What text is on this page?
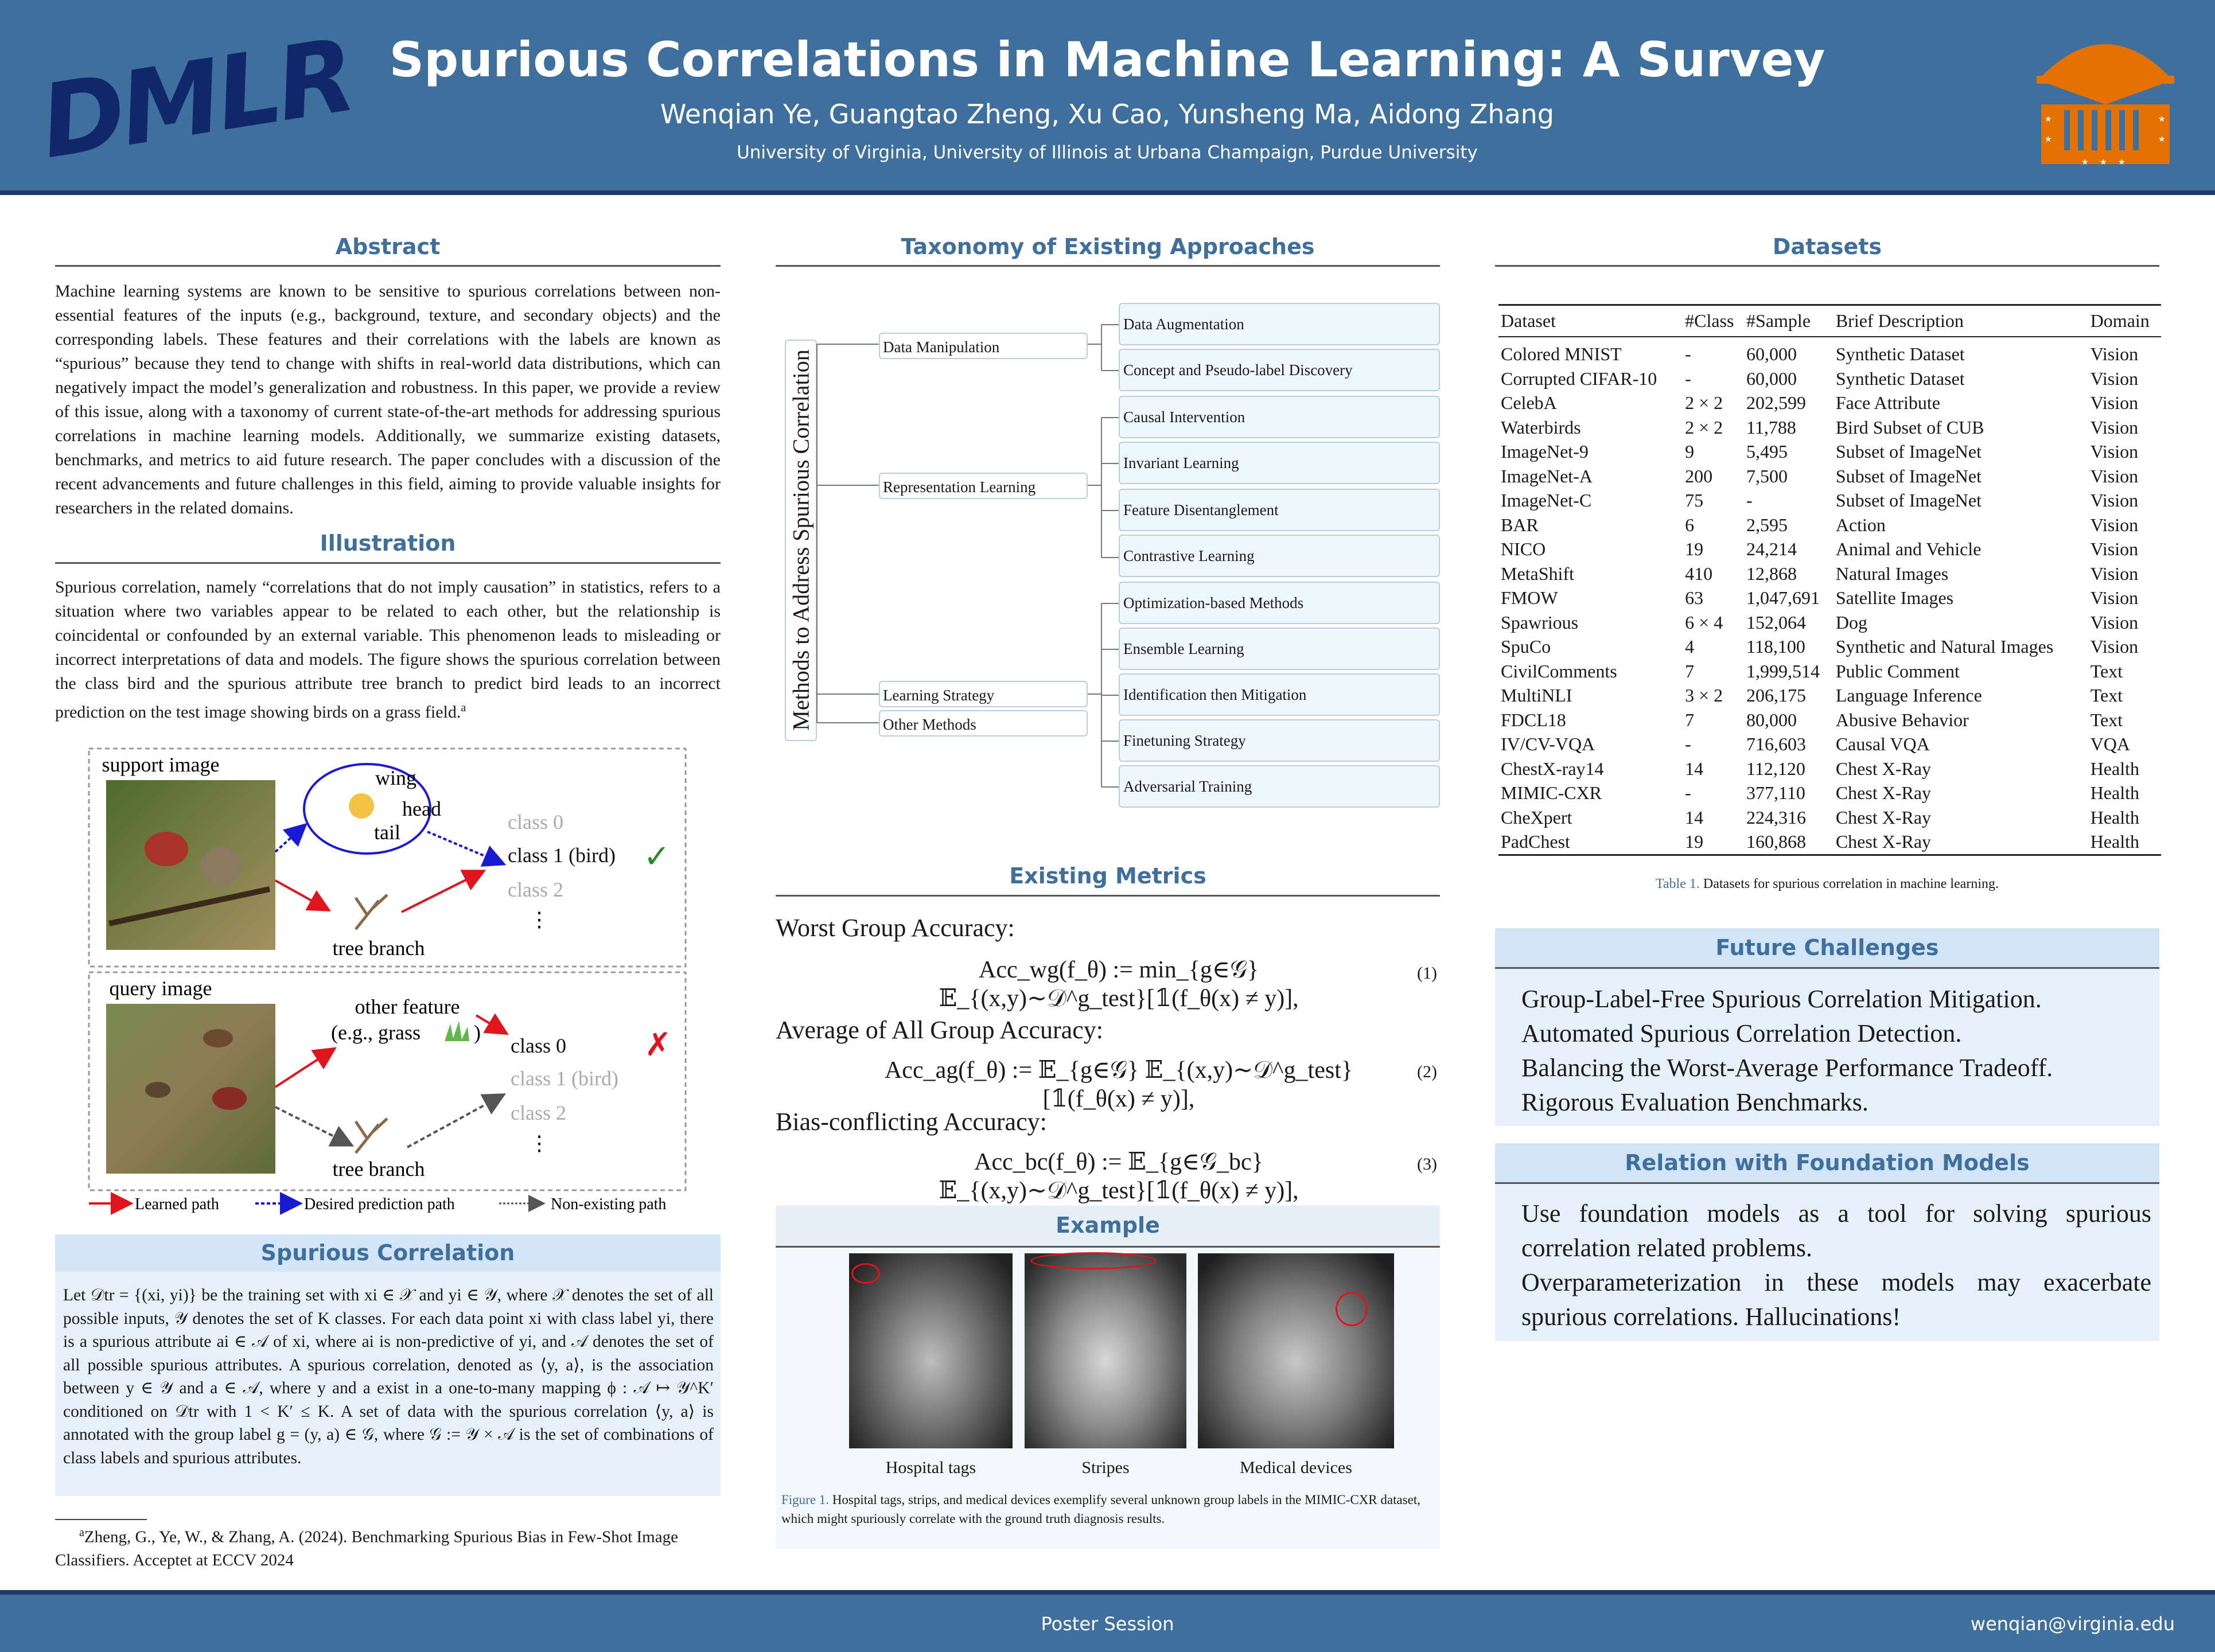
DMLR Spurious Correlations in Machine Learning: A Survey
Wenqian Ye, Guangtao Zheng, Xu Cao, Yunsheng Ma, Aidong Zhang
University of Virginia, University of Illinois at Urbana Champaign, Purdue University
★
★
★
★
★ ★ ★
Abstract
Machine learning systems are known to be sensitive to spurious correlations between non-essential features of the inputs (e.g., background, texture, and secondary objects) and the corresponding labels. These features and their correlations with the labels are known as “spurious” because they tend to change with shifts in real-world data distributions, which can negatively impact the model’s generalization and robustness. In this paper, we provide a review of this issue, along with a taxonomy of current state-of-the-art methods for addressing spurious correlations in machine learning models. Additionally, we summarize existing datasets, benchmarks, and metrics to aid future research. The paper concludes with a discussion of the recent advancements and future challenges in this field, aiming to provide valuable insights for researchers in the related domains.
Illustration
Spurious correlation, namely “correlations that do not imply causation” in statistics, refers to a situation where two variables appear to be related to each other, but the relationship is coincidental or confounded by an external variable. This phenomenon leads to misleading or incorrect interpretations of data and models. The figure shows the spurious correlation between the class bird and the spurious attribute tree branch to predict bird leads to an incorrect prediction on the test image showing birds on a grass field.$^a$
support image
query image
wing
head
tail
tree branch
class 0
class 1 (bird)
class 2
⋮
✓
other feature
(e.g., grass	)
tree branch
class 0
class 1 (bird)
class 2
⋮
✗
Learned path	Desired prediction path	Non-existing path
Spurious Correlation
Let 𝒟tr = {(xi, yi)} be the training set with xi ∈ 𝒳 and yi ∈ 𝒴, where 𝒳 denotes the set of all possible inputs, 𝒴 denotes the set of K classes. For each data point xi with class label yi, there is a spurious attribute ai ∈ 𝒜 of xi, where ai is non-predictive of yi, and 𝒜 denotes the set of all possible spurious attributes. A spurious correlation, denoted as ⟨y, a⟩, is the association between y ∈ 𝒴 and a ∈ 𝒜, where y and a exist in a one-to-many mapping ϕ : 𝒜 ↦ 𝒴^K′ conditioned on 𝒟tr with 1 < K′ ≤ K. A set of data with the spurious correlation ⟨y, a⟩ is annotated with the group label g = (y, a) ∈ 𝒢, where 𝒢 := 𝒴 × 𝒜 is the set of combinations of class labels and spurious attributes.
$^a$Zheng, G., Ye, W., & Zhang, A. (2024). Benchmarking Spurious Bias in Few-Shot Image Classifiers. Acceptet at ECCV 2024
Taxonomy of Existing Approaches
Methods to Address Spurious Correlation
Data Manipulation
Representation Learning
Learning Strategy
Other Methods
Data Augmentation
Concept and Pseudo-label Discovery
Causal Intervention
Invariant Learning
Feature Disentanglement
Contrastive Learning
Optimization-based Methods
Ensemble Learning
Identification then Mitigation
Finetuning Strategy
Adversarial Training
Existing Metrics
Worst Group Accuracy:
Acc_wg(f_θ) := min_{g∈𝒢} 𝔼_{(x,y)∼𝒟^g_test}[𝟙(f_θ(x) ≠ y)],
(1)
Average of All Group Accuracy:
Acc_ag(f_θ) := 𝔼_{g∈𝒢} 𝔼_{(x,y)∼𝒟^g_test}[𝟙(f_θ(x) ≠ y)],
(2)
Bias-conflicting Accuracy:
Acc_bc(f_θ) := 𝔼_{g∈𝒢_bc} 𝔼_{(x,y)∼𝒟^g_test}[𝟙(f_θ(x) ≠ y)],
(3)
Example
Hospital tags	Stripes	Medical devices
Figure 1. Hospital tags, strips, and medical devices exemplify several unknown group labels in the MIMIC-CXR dataset, which might spuriously correlate with the ground truth diagnosis results.
Datasets
Dataset	#Class	#Sample	Brief Description	Domain
Colored MNIST	-	60,000	Synthetic Dataset	Vision
Corrupted CIFAR-10	-	60,000	Synthetic Dataset	Vision
CelebA	2 × 2	202,599	Face Attribute	Vision
Waterbirds	2 × 2	11,788	Bird Subset of CUB	Vision
ImageNet-9	9	5,495	Subset of ImageNet	Vision
ImageNet-A	200	7,500	Subset of ImageNet	Vision
ImageNet-C	75	-	Subset of ImageNet	Vision
BAR	6	2,595	Action	Vision
NICO	19	24,214	Animal and Vehicle	Vision
MetaShift	410	12,868	Natural Images	Vision
FMOW	63	1,047,691	Satellite Images	Vision
Spawrious	6 × 4	152,064	Dog	Vision
SpuCo	4	118,100	Synthetic and Natural Images	Vision
CivilComments	7	1,999,514	Public Comment	Text
MultiNLI	3 × 2	206,175	Language Inference	Text
FDCL18	7	80,000	Abusive Behavior	Text
IV/CV-VQA	-	716,603	Causal VQA	VQA
ChestX-ray14	14	112,120	Chest X-Ray	Health
MIMIC-CXR	-	377,110	Chest X-Ray	Health
CheXpert	14	224,316	Chest X-Ray	Health
PadChest	19	160,868	Chest X-Ray	Health
Table 1. Datasets for spurious correlation in machine learning.
Future Challenges
Group-Label-Free Spurious Correlation Mitigation.
Automated Spurious Correlation Detection.
Balancing the Worst-Average Performance Tradeoff.
Rigorous Evaluation Benchmarks.
Relation with Foundation Models
Use foundation models as a tool for solving spurious correlation related problems.
Overparameterization in these models may exacerbate spurious correlations. Hallucinations!
Poster Session	wenqian@virginia.edu
